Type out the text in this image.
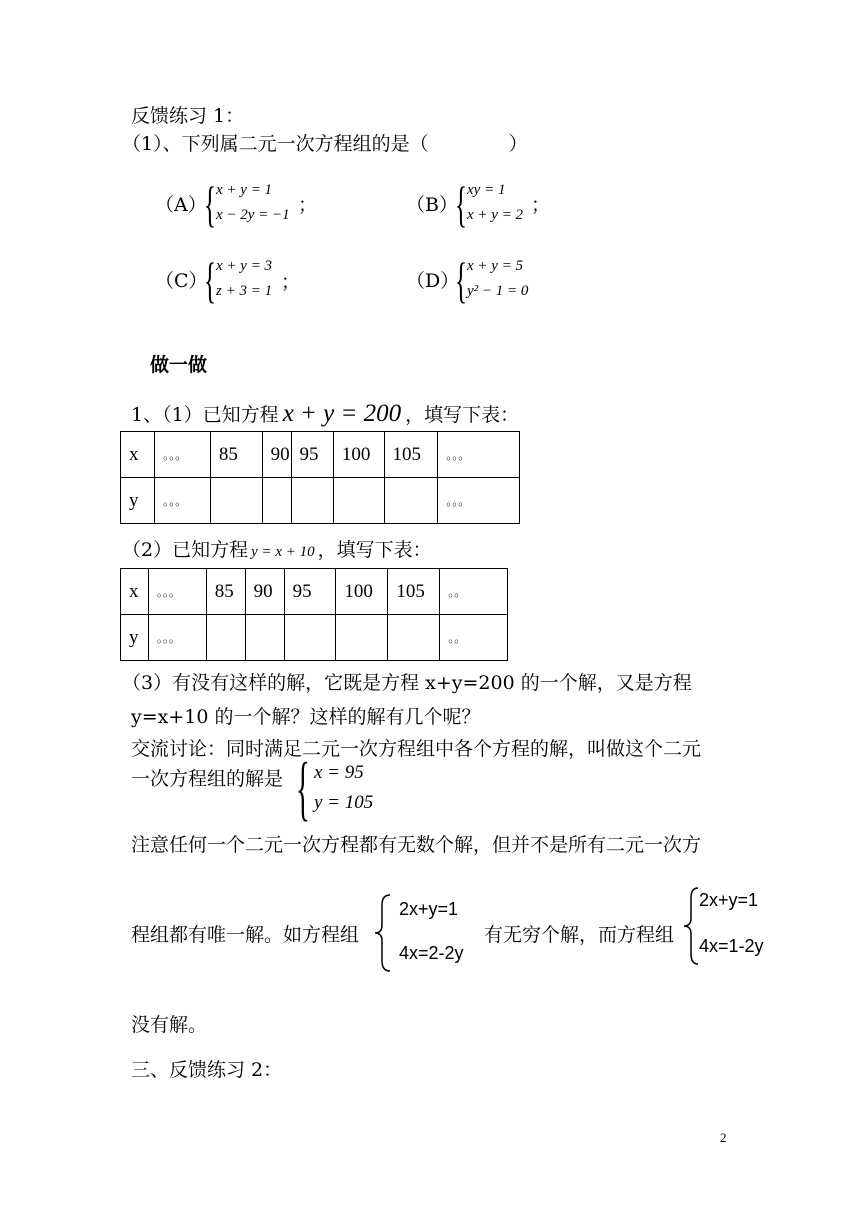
反馈练习 1：
（1）、下列属二元一次方程组的是（	）
（A）
{ x + y = 1
x − 2y = −1 ；	（B）
{ xy = 1
x + y = 2 ；
（C）
{ x + y = 3
z + 3 = 1 ；	（D）
{ x + y = 5
y² − 1 = 0
做一做
1、（1）已知方程 x + y = 200 ，填写下表：
x	。。。	85	90	95	100	105	。。。
y	。。。						。。。
（2）已知方程 y = x + 10 ，填写下表：
x	。。。	85	90	95	100	105	。。
y	。。。						。。
（3）有没有这样的解，它既是方程 x+y=200 的一个解，又是方程
y=x+10 的一个解？这样的解有几个呢？
交流讨论：同时满足二元一次方程组中各个方程的解，叫做这个二元
一次方程组的解是 { x = 95
y = 105
注意任何一个二元一次方程都有无数个解，但并不是所有二元一次方
程组都有唯一解。如方程组
2x+y=1
4x=2-2y
有无穷个解，而方程组
2x+y=1
4x=1-2y
没有解。
三、反馈练习 2：
2
